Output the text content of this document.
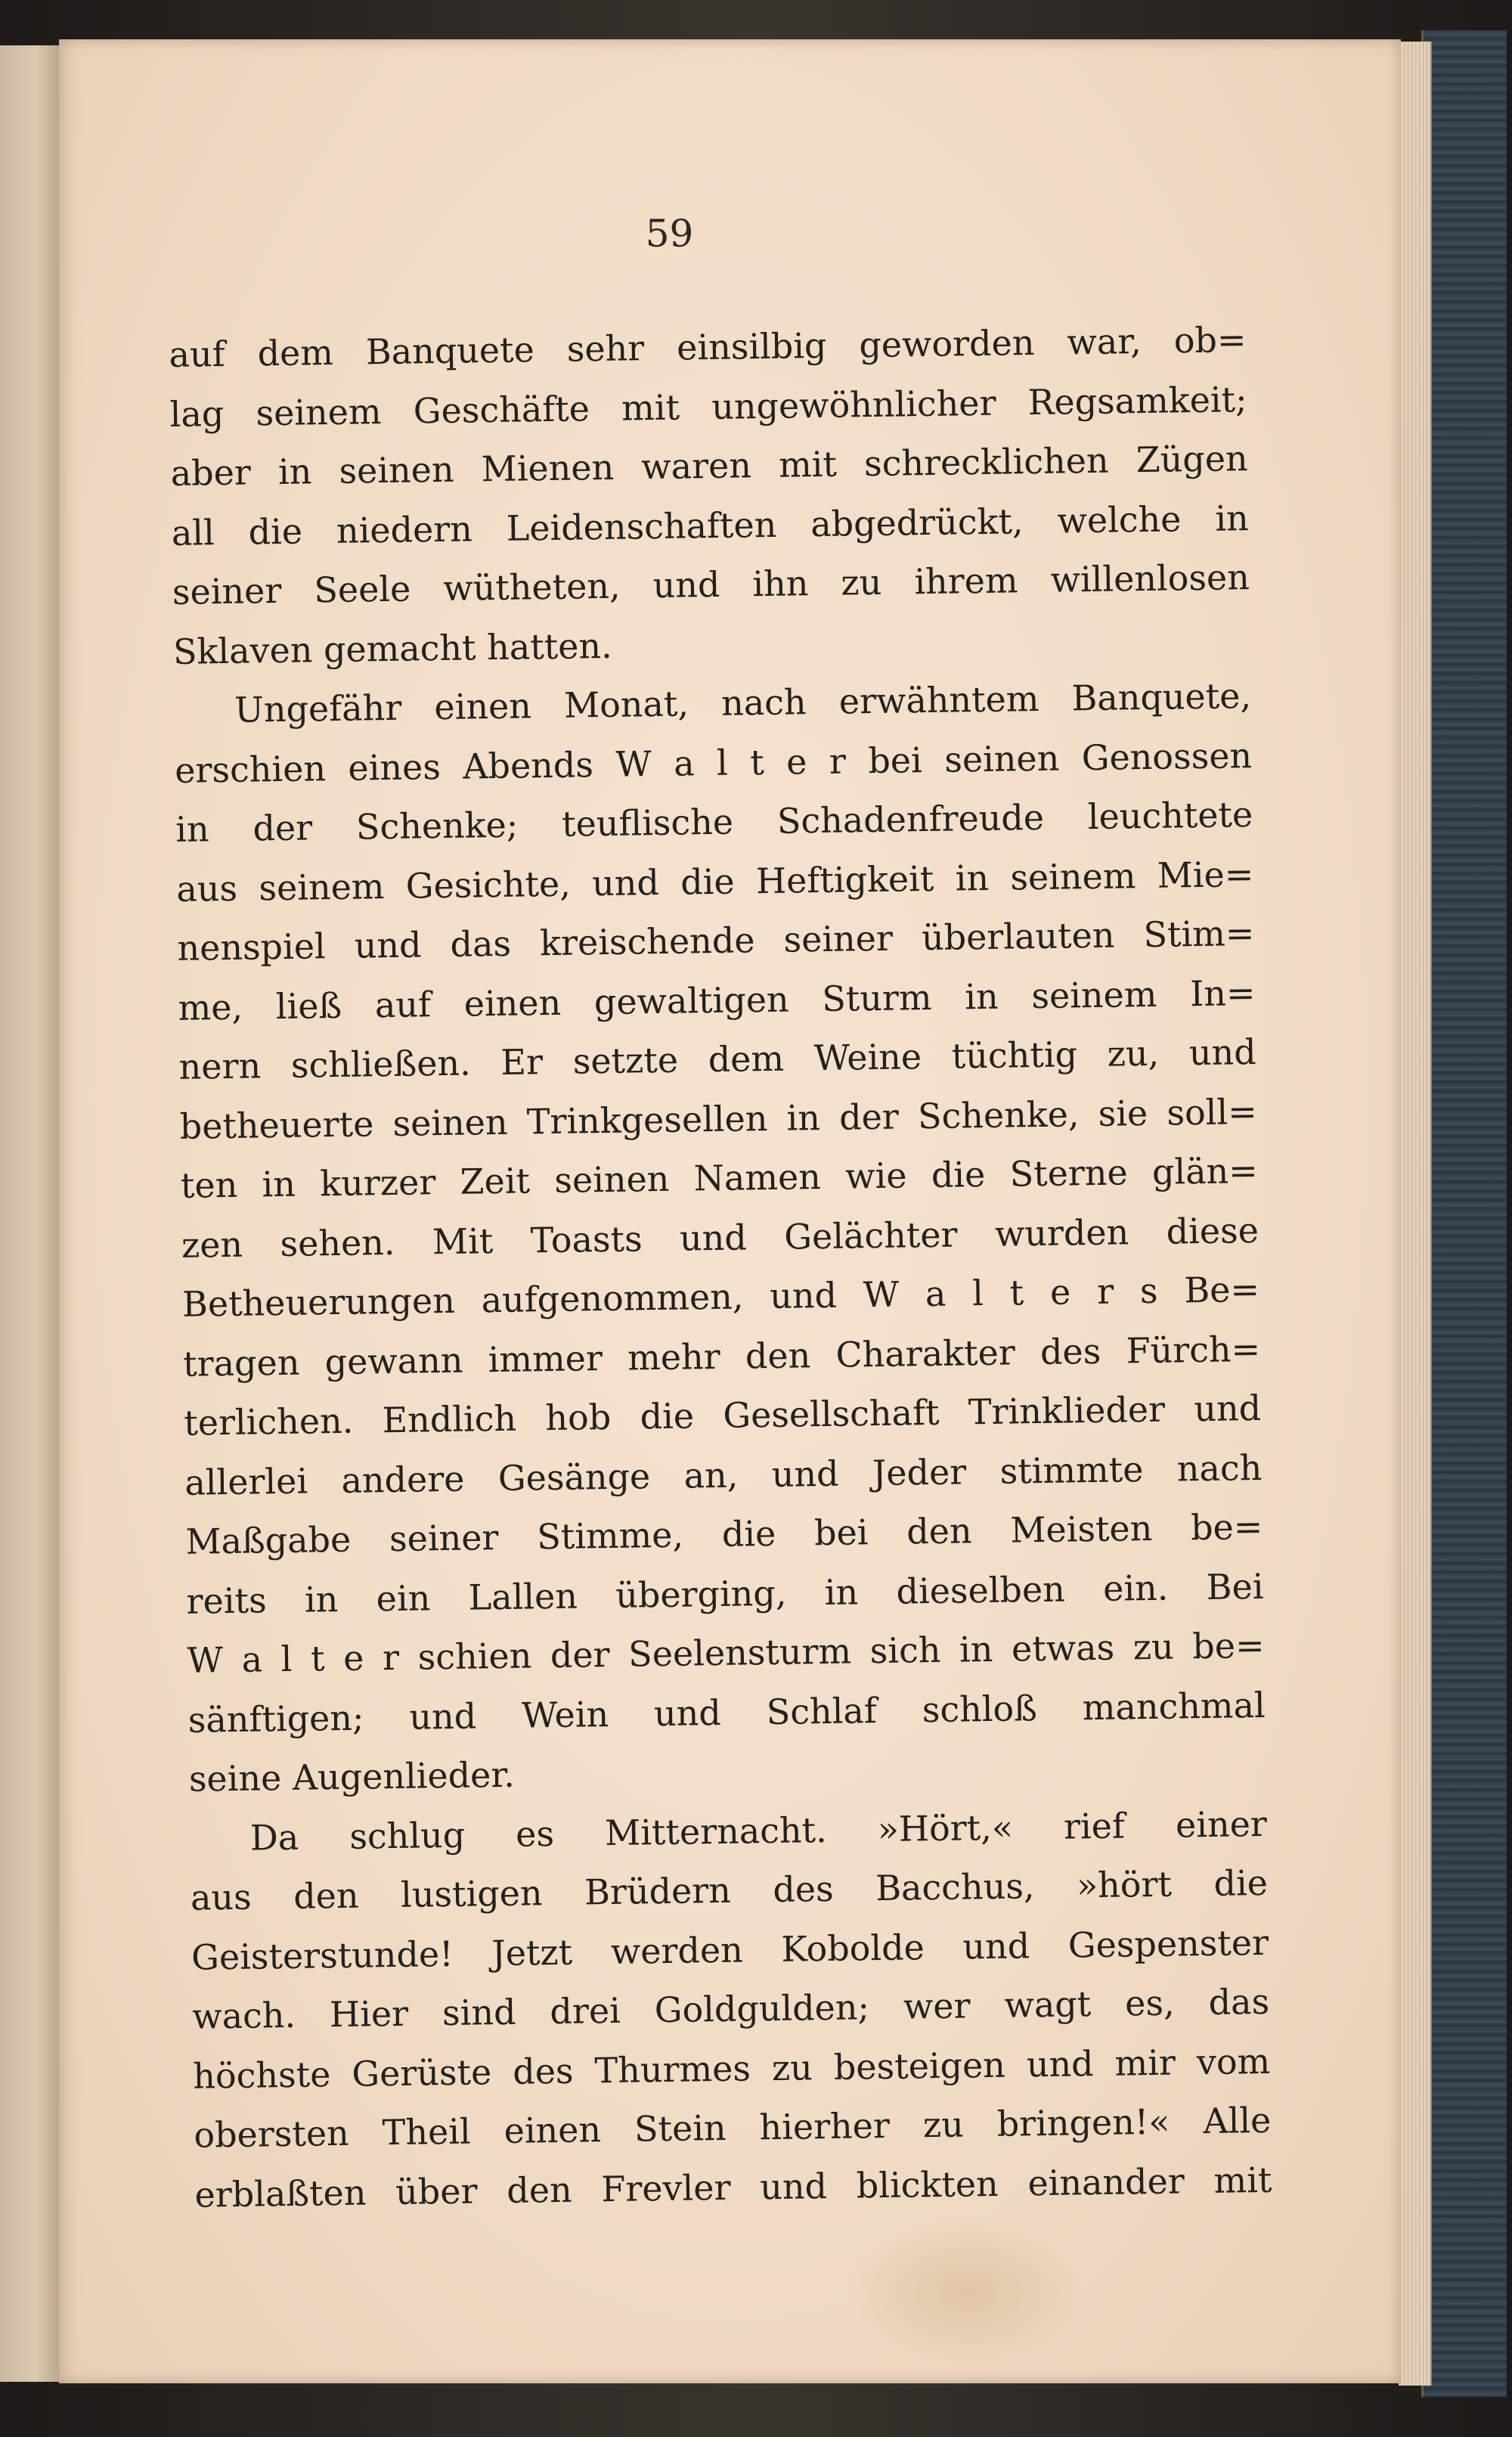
59
auf dem Banquete sehr einsilbig geworden war, ob=
lag seinem Geschäfte mit ungewöhnlicher Regsamkeit;
aber in seinen Mienen waren mit schrecklichen Zügen
all die niedern Leidenschaften abgedrückt, welche in
seiner Seele wütheten, und ihn zu ihrem willenlosen
Sklaven gemacht hatten.
Ungefähr einen Monat, nach erwähntem Banquete,
erschien eines Abends W a l t e r bei seinen Genossen
in der Schenke; teuflische Schadenfreude leuchtete
aus seinem Gesichte, und die Heftigkeit in seinem Mie=
nenspiel und das kreischende seiner überlauten Stim=
me, ließ auf einen gewaltigen Sturm in seinem In=
nern schließen. Er setzte dem Weine tüchtig zu, und
betheuerte seinen Trinkgesellen in der Schenke, sie soll=
ten in kurzer Zeit seinen Namen wie die Sterne glän=
zen sehen. Mit Toasts und Gelächter wurden diese
Betheuerungen aufgenommen, und W a l t e r s Be=
tragen gewann immer mehr den Charakter des Fürch=
terlichen. Endlich hob die Gesellschaft Trinklieder und
allerlei andere Gesänge an, und Jeder stimmte nach
Maßgabe seiner Stimme, die bei den Meisten be=
reits in ein Lallen überging, in dieselben ein. Bei
W a l t e r schien der Seelensturm sich in etwas zu be=
sänftigen; und Wein und Schlaf schloß manchmal
seine Augenlieder.
Da schlug es Mitternacht. »Hört,« rief einer
aus den lustigen Brüdern des Bacchus, »hört die
Geisterstunde! Jetzt werden Kobolde und Gespenster
wach. Hier sind drei Goldgulden; wer wagt es, das
höchste Gerüste des Thurmes zu besteigen und mir vom
obersten Theil einen Stein hierher zu bringen!« Alle
erblaßten über den Frevler und blickten einander mit
